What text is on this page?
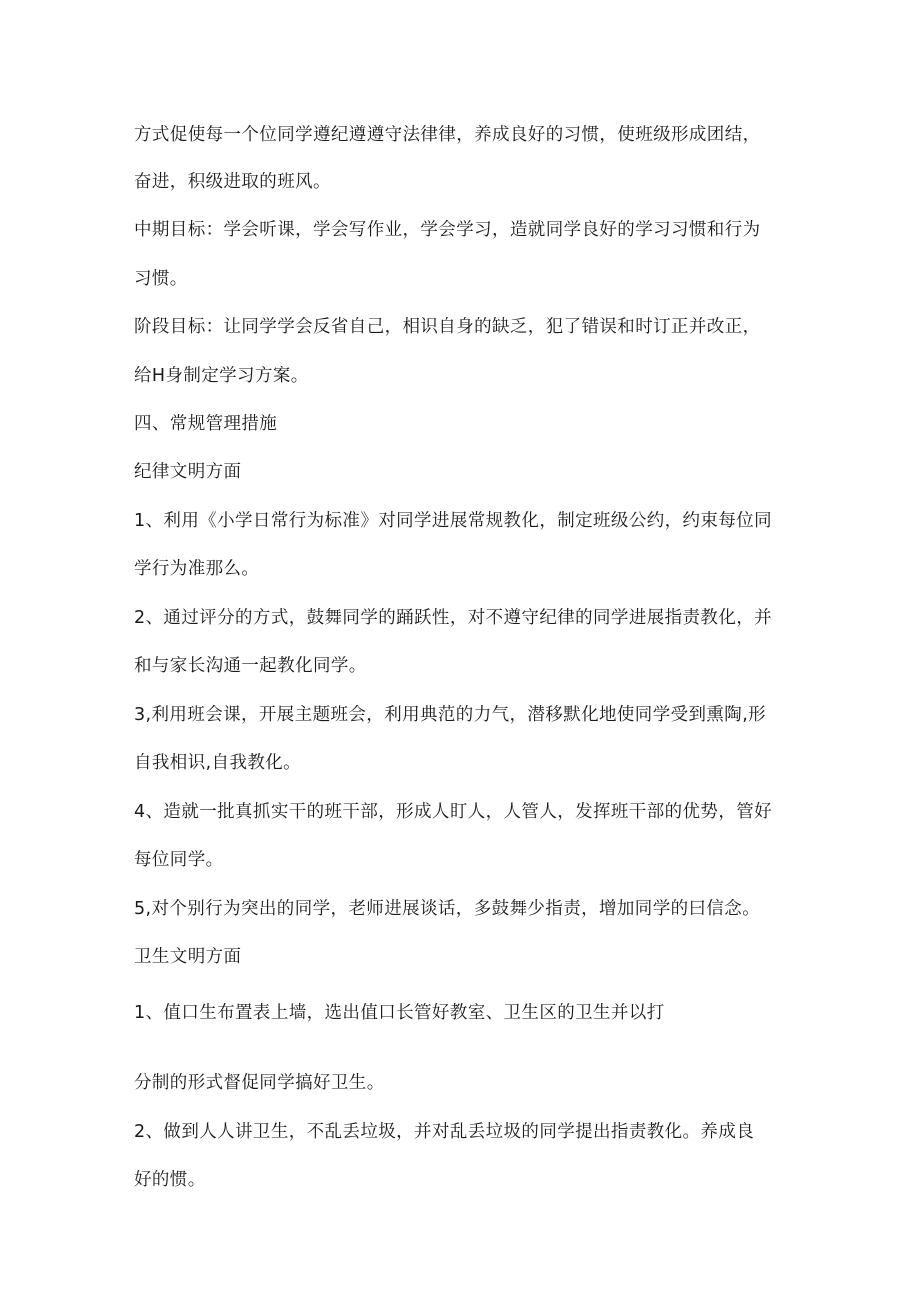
方式促使每一个位同学遵纪遵遵守法律律，养成良好的习惯，使班级形成团结，
奋进，积级进取的班风。
中期目标：学会听课，学会写作业，学会学习，造就同学良好的学习习惯和行为
习惯。
阶段目标：让同学学会反省自己，相识自身的缺乏，犯了错误和时订正并改正，
给H身制定学习方案。
四、常规管理措施
纪律文明方面
1、利用《小学日常行为标准》对同学进展常规教化，制定班级公约，约束每位同
学行为准那么。
2、通过评分的方式，鼓舞同学的踊跃性，对不遵守纪律的同学进展指责教化，并
和与家长沟通一起教化同学。
3,利用班会课，开展主题班会，利用典范的力气，潜移默化地使同学受到熏陶,形
自我相识,自我教化。
4、造就一批真抓实干的班干部，形成人盯人，人管人，发挥班干部的优势，管好
每位同学。
5,对个别行为突出的同学，老师进展谈话，多鼓舞少指责，增加同学的曰信念。
卫生文明方面
1、值口生布置表上墙，选出值口长管好教室、卫生区的卫生并以打
分制的形式督促同学搞好卫生。
2、做到人人讲卫生，不乱丢垃圾，并对乱丢垃圾的同学提出指责教化。养成良
好的惯。
